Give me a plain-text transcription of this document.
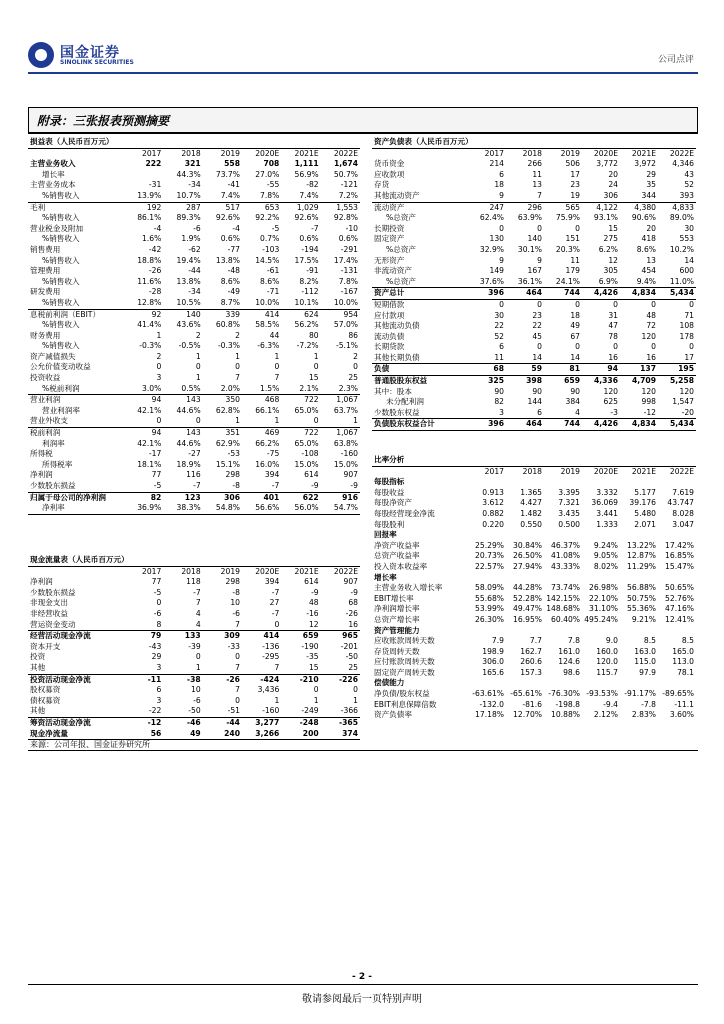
国金证券
SINOLINK SECURITIES	公司点评
附录：三张报表预测摘要
损益表（人民币百万元）						
	2017	2018	2019	2020E	2021E	2022E
主营业务收入	222	321	558	708	1,111	1,674
增长率		44.3%	73.7%	27.0%	56.9%	50.7%
主营业务成本	-31	-34	-41	-55	-82	-121
%销售收入	13.9%	10.7%	7.4%	7.8%	7.4%	7.2%
毛利	192	287	517	653	1,029	1,553
%销售收入	86.1%	89.3%	92.6%	92.2%	92.6%	92.8%
营业税金及附加	-4	-6	-4	-5	-7	-10
%销售收入	1.6%	1.9%	0.6%	0.7%	0.6%	0.6%
销售费用	-42	-62	-77	-103	-194	-291
%销售收入	18.8%	19.4%	13.8%	14.5%	17.5%	17.4%
管理费用	-26	-44	-48	-61	-91	-131
%销售收入	11.6%	13.8%	8.6%	8.6%	8.2%	7.8%
研发费用	-28	-34	-49	-71	-112	-167
%销售收入	12.8%	10.5%	8.7%	10.0%	10.1%	10.0%
息税前利润（EBIT）	92	140	339	414	624	954
%销售收入	41.4%	43.6%	60.8%	58.5%	56.2%	57.0%
财务费用	1	2	2	44	80	86
%销售收入	-0.3%	-0.5%	-0.3%	-6.3%	-7.2%	-5.1%
资产减值损失	2	1	1	1	1	2
公允价值变动收益	0	0	0	0	0	0
投资收益	3	1	7	7	15	25
%税前利润	3.0%	0.5%	2.0%	1.5%	2.1%	2.3%
营业利润	94	143	350	468	722	1,067
营业利润率	42.1%	44.6%	62.8%	66.1%	65.0%	63.7%
营业外收支	0	0	1	1	0	1
税前利润	94	143	351	469	722	1,067
利润率	42.1%	44.6%	62.9%	66.2%	65.0%	63.8%
所得税	-17	-27	-53	-75	-108	-160
所得税率	18.1%	18.9%	15.1%	16.0%	15.0%	15.0%
净利润	77	116	298	394	614	907
少数股东损益	-5	-7	-8	-7	-9	-9
归属于母公司的净利润	82	123	306	401	622	916
净利率	36.9%	38.3%	54.8%	56.6%	56.0%	54.7%
资产负债表（人民币百万元）						
	2017	2018	2019	2020E	2021E	2022E
货币资金	214	266	506	3,772	3,972	4,346
应收款项	6	11	17	20	29	43
存货	18	13	23	24	35	52
其他流动资产	9	7	19	306	344	393
流动资产	247	296	565	4,122	4,380	4,833
%总资产	62.4%	63.9%	75.9%	93.1%	90.6%	89.0%
长期投资	0	0	0	15	20	30
固定资产	130	140	151	275	418	553
%总资产	32.9%	30.1%	20.3%	6.2%	8.6%	10.2%
无形资产	9	9	11	12	13	14
非流动资产	149	167	179	305	454	600
%总资产	37.6%	36.1%	24.1%	6.9%	9.4%	11.0%
资产总计	396	464	744	4,426	4,834	5,434
短期借款	0	0	0	0	0	0
应付款项	30	23	18	31	48	71
其他流动负债	22	22	49	47	72	108
流动负债	52	45	67	78	120	178
长期贷款	6	0	0	0	0	0
其他长期负债	11	14	14	16	16	17
负债	68	59	81	94	137	195
普通股股东权益	325	398	659	4,336	4,709	5,258
其中：股本	90	90	90	120	120	120
未分配利润	82	144	384	625	998	1,547
少数股东权益	3	6	4	-3	-12	-20
负债股东权益合计	396	464	744	4,426	4,834	5,434
比率分析						
	2017	2018	2019	2020E	2021E	2022E
每股指标						
每股收益	0.913	1.365	3.395	3.332	5.177	7.619
每股净资产	3.612	4.427	7.321	36.069	39.176	43.747
每股经营现金净流	0.882	1.482	3.435	3.441	5.480	8.028
每股股利	0.220	0.550	0.500	1.333	2.071	3.047
回报率						
净资产收益率	25.29%	30.84%	46.37%	9.24%	13.22%	17.42%
总资产收益率	20.73%	26.50%	41.08%	9.05%	12.87%	16.85%
投入资本收益率	22.57%	27.94%	43.33%	8.02%	11.29%	15.47%
增长率						
主营业务收入增长率	58.09%	44.28%	73.74%	26.98%	56.88%	50.65%
EBIT增长率	55.68%	52.28%	142.15%	22.10%	50.75%	52.76%
净利润增长率	53.99%	49.47%	148.68%	31.10%	55.36%	47.16%
总资产增长率	26.30%	16.95%	60.40%	495.24%	9.21%	12.41%
资产管理能力						
应收账款周转天数	7.9	7.7	7.8	9.0	8.5	8.5
存货周转天数	198.9	162.7	161.0	160.0	163.0	165.0
应付账款周转天数	306.0	260.6	124.6	120.0	115.0	113.0
固定资产周转天数	165.6	157.3	98.6	115.7	97.9	78.1
偿债能力						
净负债/股东权益	-63.61%	-65.61%	-76.30%	-93.53%	-91.17%	-89.65%
EBIT利息保障倍数	-132.0	-81.6	-198.8	-9.4	-7.8	-11.1
资产负债率	17.18%	12.70%	10.88%	2.12%	2.83%	3.60%
现金流量表（人民币百万元）						
	2017	2018	2019	2020E	2021E	2022E
净利润	77	118	298	394	614	907
少数股东损益	-5	-7	-8	-7	-9	-9
非现金支出	0	7	10	27	48	68
非经营收益	-6	4	-6	-7	-16	-26
营运资金变动	8	4	7	0	12	16
经营活动现金净流	79	133	309	414	659	965
资本开支	-43	-39	-33	-136	-190	-201
投资	29	0	0	-295	-35	-50
其他	3	1	7	7	15	25
投资活动现金净流	-11	-38	-26	-424	-210	-226
股权募资	6	10	7	3,436	0	0
债权募资	3	-6	0	1	1	1
其他	-22	-50	-51	-160	-249	-366
筹资活动现金净流	-12	-46	-44	3,277	-248	-365
现金净流量	56	49	240	3,266	200	374
来源：公司年报、国金证券研究所
- 2 -
敬请参阅最后一页特别声明
